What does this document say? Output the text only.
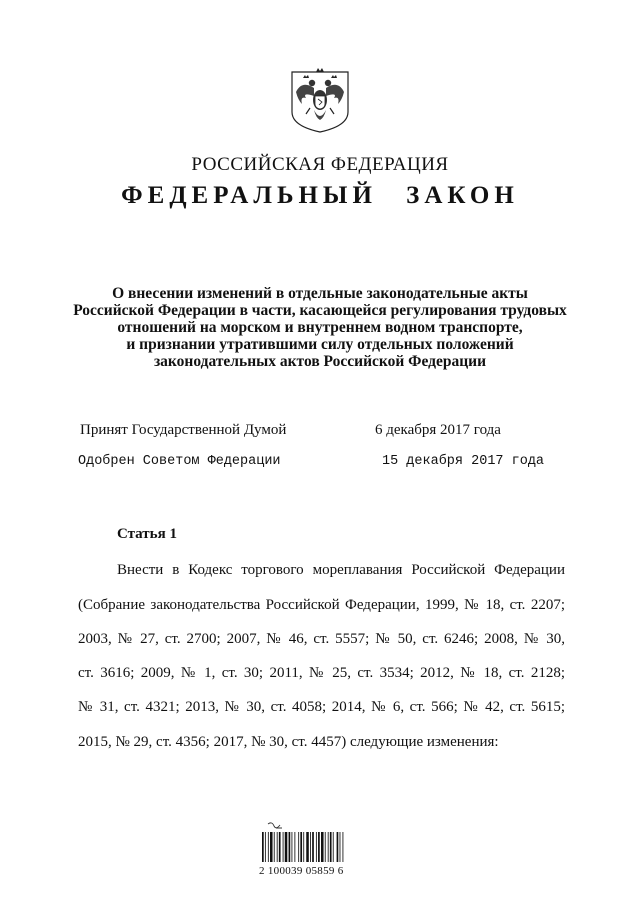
РОССИЙСКАЯ ФЕДЕРАЦИЯ
ФЕДЕРАЛЬНЫЙ ЗАКОН
О внесении изменений в отдельные законодательные акты
Российской Федерации в части, касающейся регулирования трудовых
отношений на морском и внутреннем водном транспорте,
и признании утратившими силу отдельных положений
законодательных актов Российской Федерации
Принят Государственной Думой	6 декабря 2017 года
Одобрен Советом Федерации	15 декабря 2017 года
Статья 1
Внести в Кодекс торгового мореплавания Российской Федерации
(Собрание законодательства Российской Федерации, 1999, № 18, ст. 2207;
2003, № 27, ст. 2700; 2007, № 46, ст. 5557; № 50, ст. 6246; 2008, № 30,
ст. 3616; 2009, № 1, ст. 30; 2011, № 25, ст. 3534; 2012, № 18, ст. 2128;
№ 31, ст. 4321; 2013, № 30, ст. 4058; 2014, № 6, ст. 566; № 42, ст. 5615;
2015, № 29, ст. 4356; 2017, № 30, ст. 4457) следующие изменения:
2 100039 05859 6
